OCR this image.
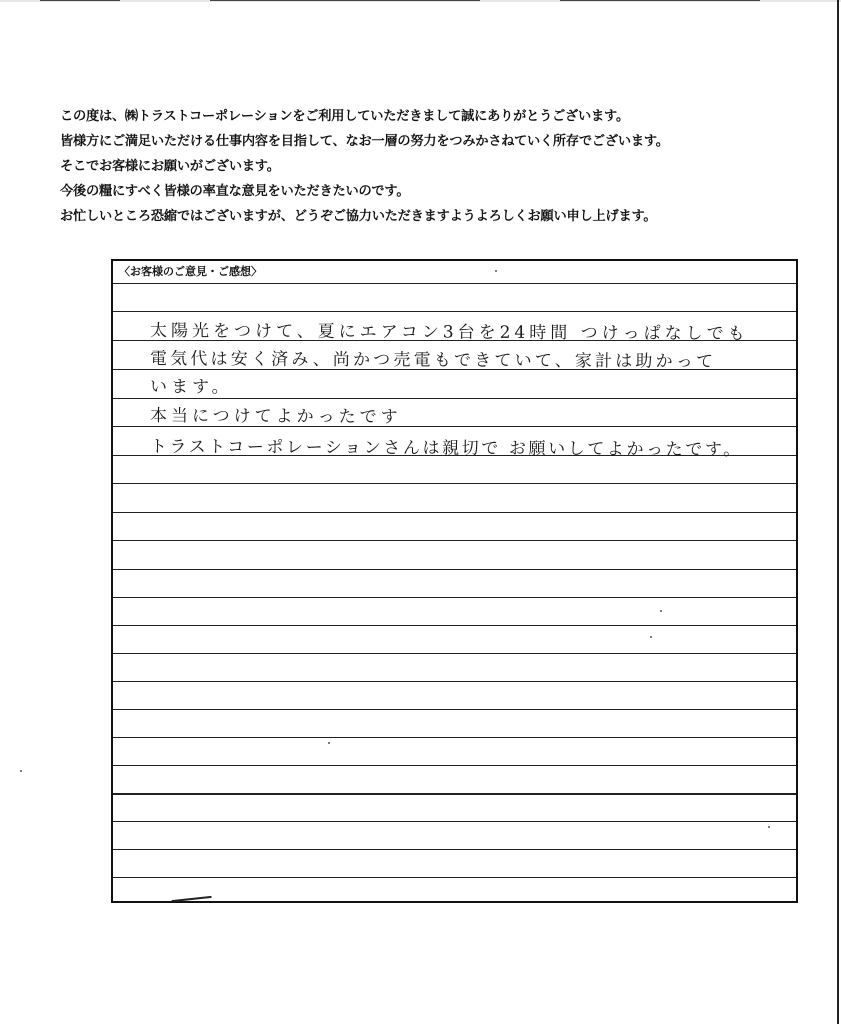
この度は、㈱トラストコーポレーションをご利用していただきまして誠にありがとうございます。

皆様方にご満足いただける仕事内容を目指して、なお一層の努力をつみかさねていく所存でございます。

そこでお客様にお願いがございます。

今後の糧にすべく皆様の率直な意見をいただきたいのです。

お忙しいところ恐縮ではございますが、どうぞご協力いただきますようよろしくお願い申し上げます。

〈お客様のご意見・ご感想〉
太陽光をつけて、夏にエアコン3台を24時間 つけっぱなしでも
電気代は安く済み、尚かつ売電もできていて、家計は助かって
います。
本当につけてよかったです
トラストコーポレーションさんは親切で お願いしてよかったです。
